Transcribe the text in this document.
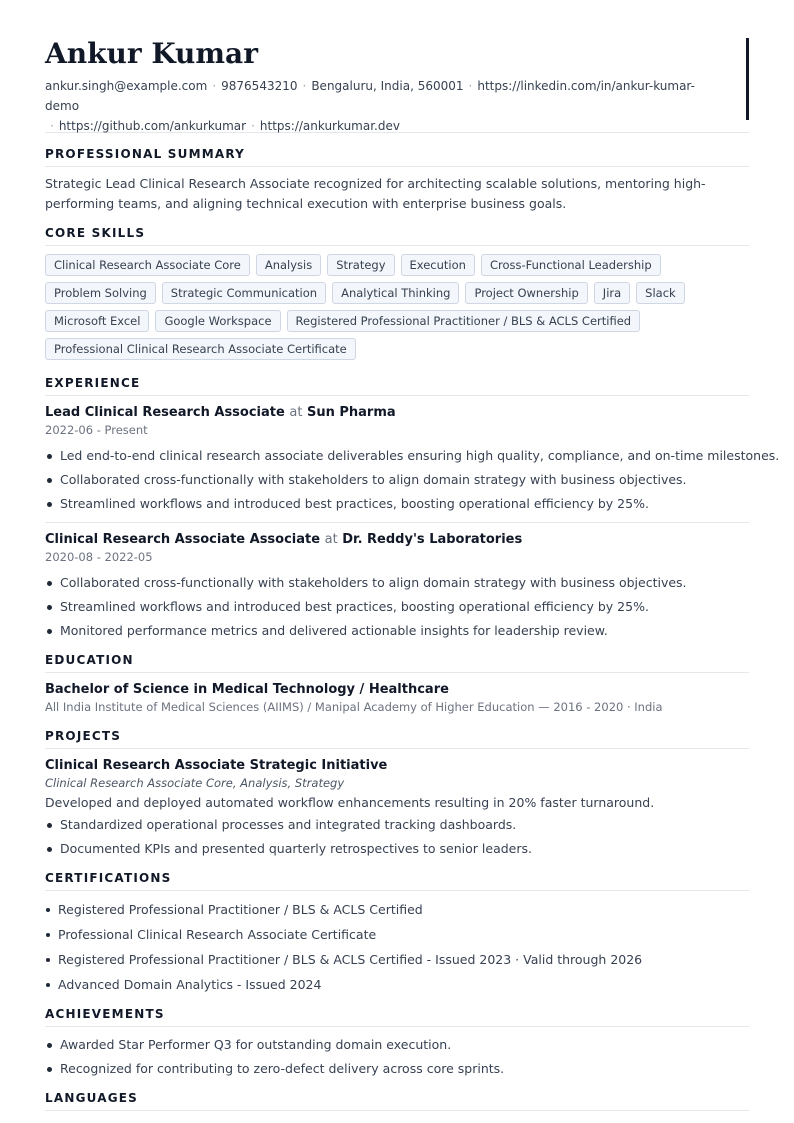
Ankur Kumar
ankur.singh@example.com · 9876543210 · Bengaluru, India, 560001 · https://linkedin.com/in/ankur-kumar-demo
· https://github.com/ankurkumar · https://ankurkumar.dev
PROFESSIONAL SUMMARY

Strategic Lead Clinical Research Associate recognized for architecting scalable solutions, mentoring high-performing teams, and aligning technical execution with enterprise business goals.

CORE SKILLS
Clinical Research Associate Core	Analysis	Strategy	Execution	Cross-Functional Leadership
Problem Solving	Strategic Communication	Analytical Thinking	Project Ownership	Jira	Slack
Microsoft Excel	Google Workspace	Registered Professional Practitioner / BLS & ACLS Certified
Professional Clinical Research Associate Certificate
EXPERIENCE
Lead Clinical Research Associate at Sun Pharma
2022-06 - Present
Led end-to-end clinical research associate deliverables ensuring high quality, compliance, and on-time milestones.
Collaborated cross-functionally with stakeholders to align domain strategy with business objectives.
Streamlined workflows and introduced best practices, boosting operational efficiency by 25%.
Clinical Research Associate Associate at Dr. Reddy's Laboratories
2020-08 - 2022-05
Collaborated cross-functionally with stakeholders to align domain strategy with business objectives.
Streamlined workflows and introduced best practices, boosting operational efficiency by 25%.
Monitored performance metrics and delivered actionable insights for leadership review.
EDUCATION
Bachelor of Science in Medical Technology / Healthcare
All India Institute of Medical Sciences (AIIMS) / Manipal Academy of Higher Education — 2016 - 2020 · India
PROJECTS
Clinical Research Associate Strategic Initiative
Clinical Research Associate Core, Analysis, Strategy
Developed and deployed automated workflow enhancements resulting in 20% faster turnaround.
Standardized operational processes and integrated tracking dashboards.
Documented KPIs and presented quarterly retrospectives to senior leaders.
CERTIFICATIONS
Registered Professional Practitioner / BLS & ACLS Certified
Professional Clinical Research Associate Certificate
Registered Professional Practitioner / BLS & ACLS Certified - Issued 2023 · Valid through 2026
Advanced Domain Analytics - Issued 2024
ACHIEVEMENTS
Awarded Star Performer Q3 for outstanding domain execution.
Recognized for contributing to zero-defect delivery across core sprints.
LANGUAGES
